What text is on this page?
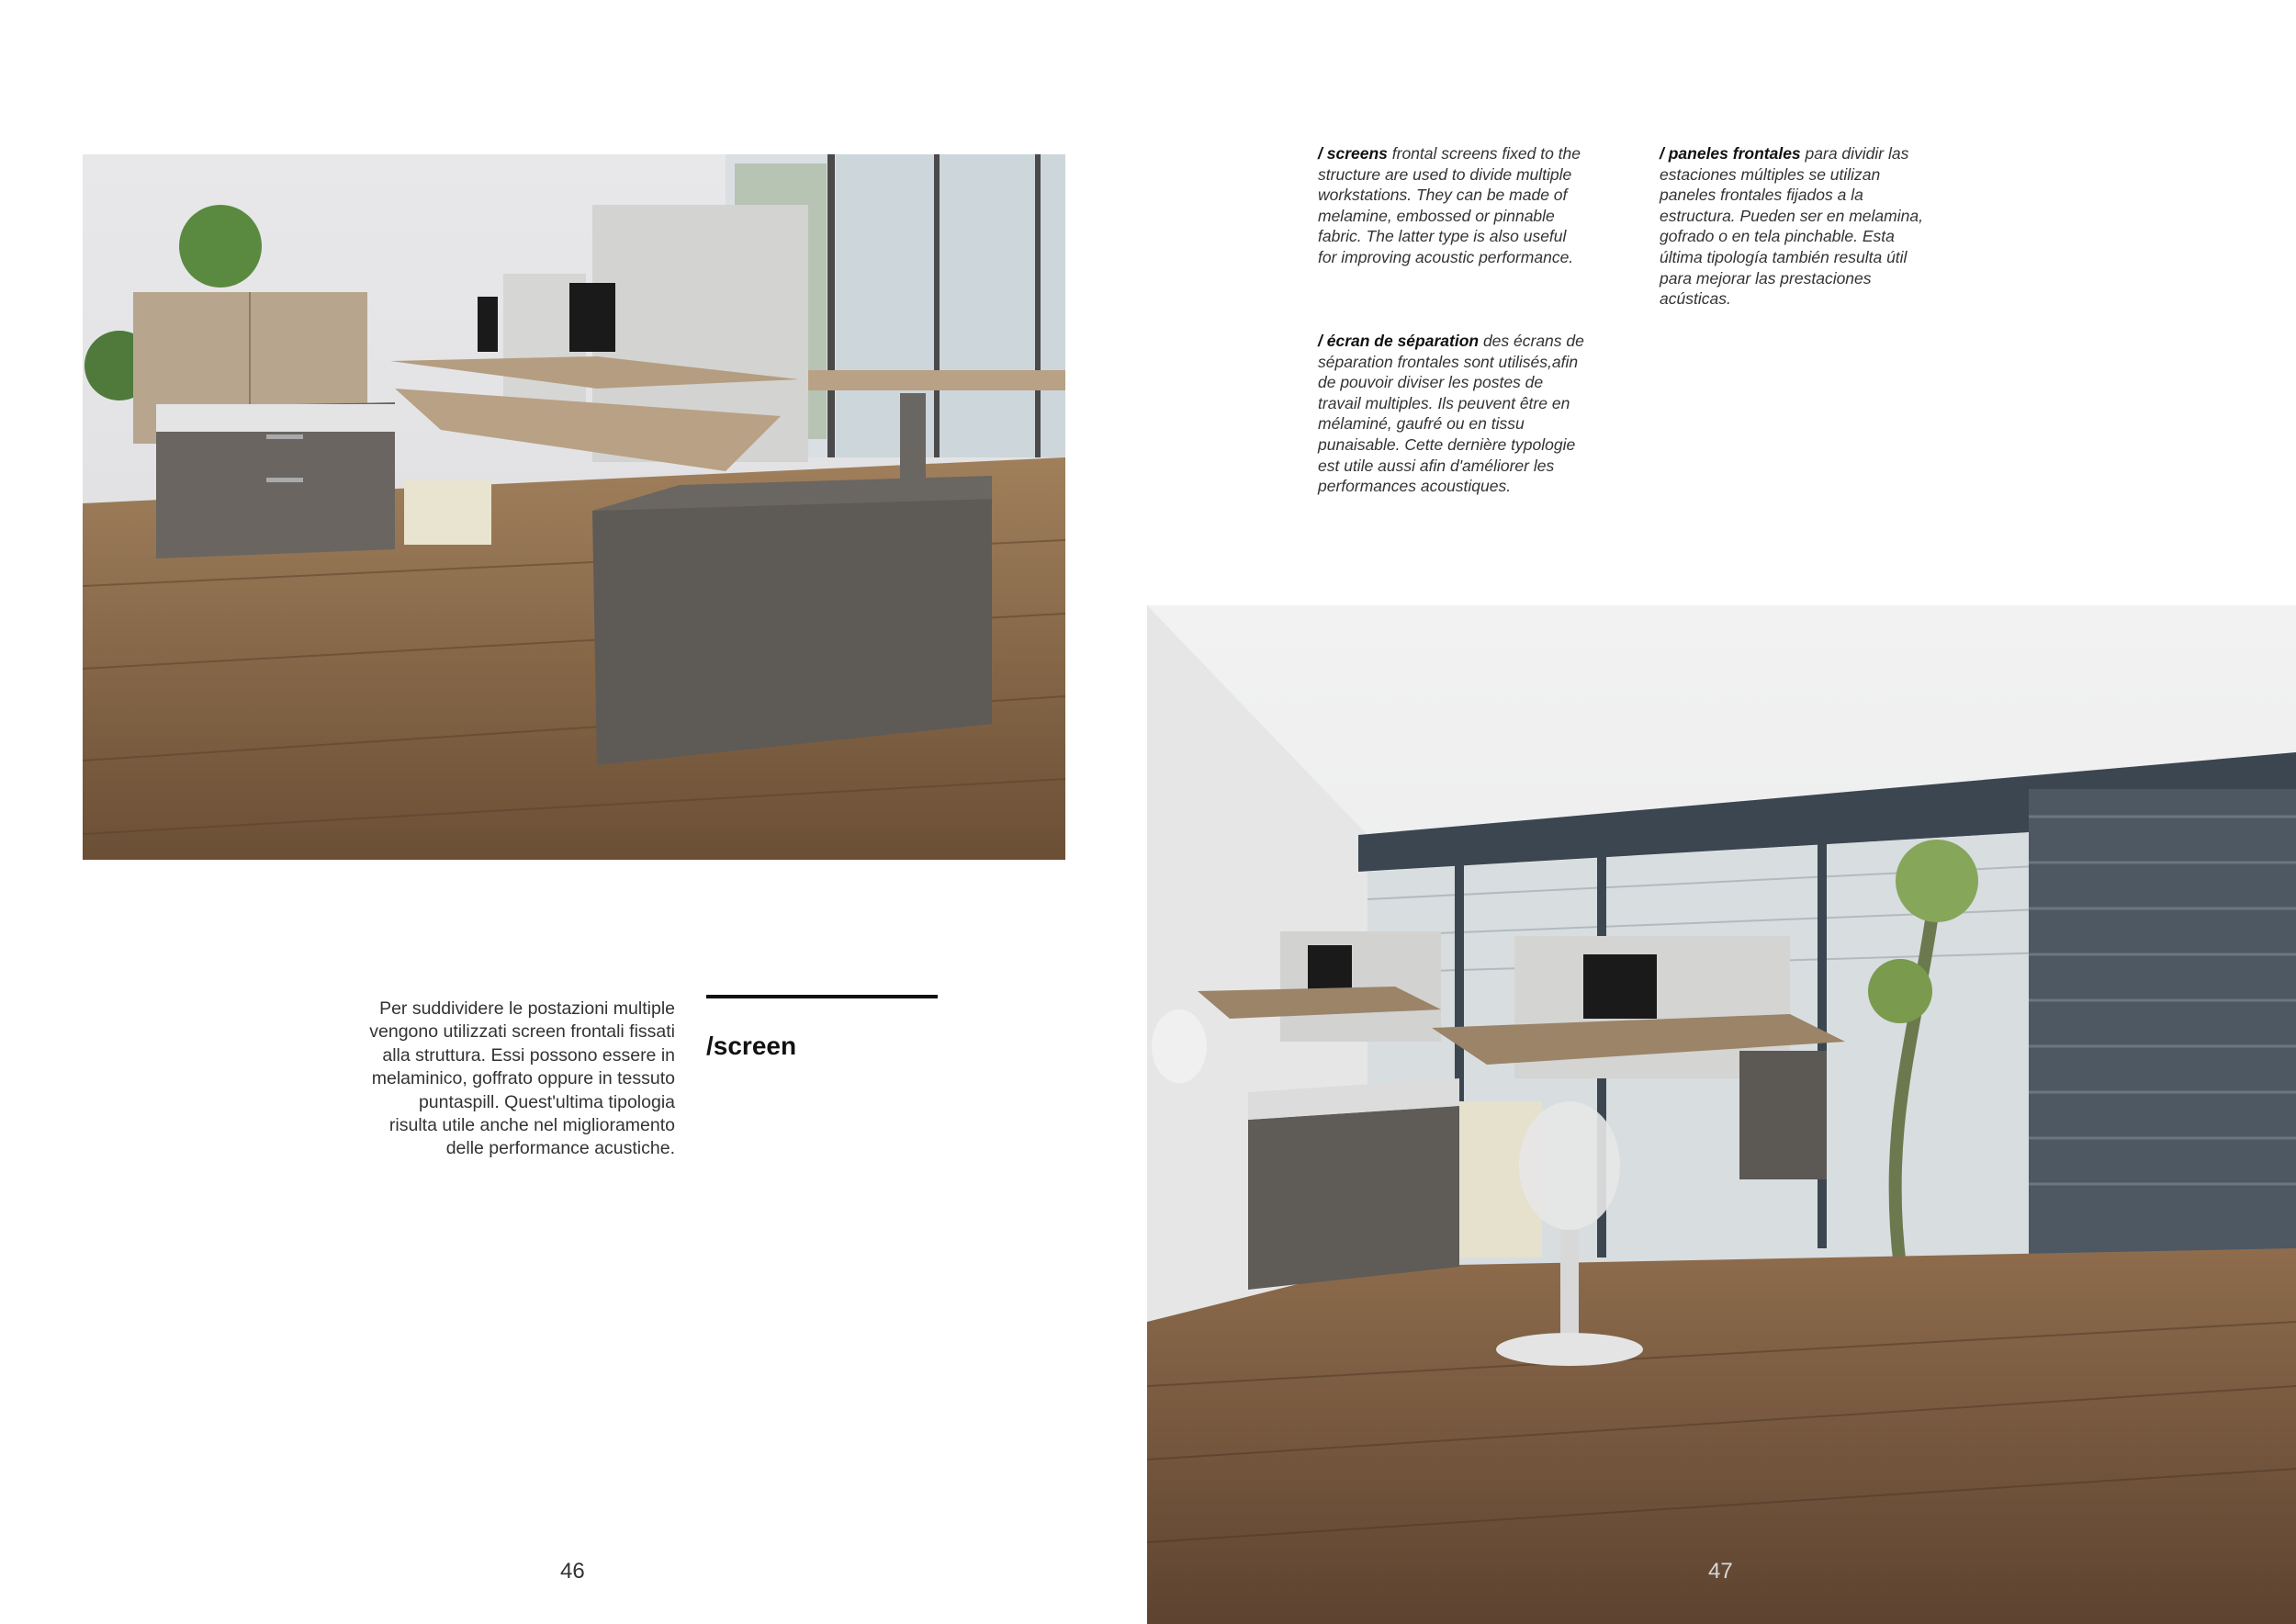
/ screens frontal screens fixed to the structure are used to divide multiple workstations. They can be made of melamine, embossed or pinnable fabric. The latter type is also useful for improving acoustic performance.
/ écran de séparation des écrans de séparation frontales sont utilisés,afin de pouvoir diviser les postes de travail multiples. Ils peuvent être en mélaminé, gaufré ou en tissu punaisable. Cette dernière typologie est utile aussi afin d'améliorer les performances acoustiques.
/ paneles frontales para dividir las estaciones múltiples se utilizan paneles frontales fijados a la estructura. Pueden ser en melamina, gofrado o en tela pinchable. Esta última tipología también resulta útil para mejorar las prestaciones acústicas.
Per suddividere le postazioni multiple vengono utilizzati screen frontali fissati alla struttura. Essi possono essere in melaminico, goffrato oppure in tessuto puntaspill. Quest'ultima tipologia risulta utile anche nel miglioramento delle performance acustiche.
/screen
46	47
